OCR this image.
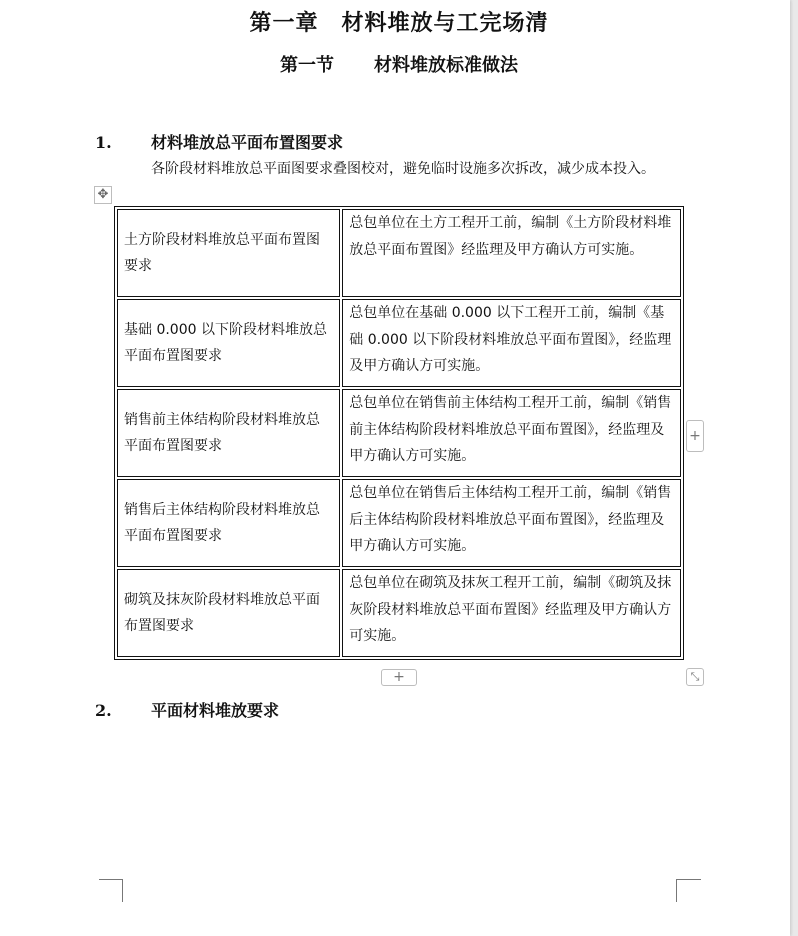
第一章　材料堆放与工完场清
第一节 材料堆放标准做法
1. 材料堆放总平面布置图要求
各阶段材料堆放总平面图要求叠图校对，避免临时设施多次拆改，减少成本投入。
✥
土方阶段材料堆放总平面布置图要求	总包单位在土方工程开工前，编制《土方阶段材料堆放总平面布置图》经监理及甲方确认方可实施。
基础 0.000 以下阶段材料堆放总平面布置图要求	总包单位在基础 0.000 以下工程开工前，编制《基础 0.000 以下阶段材料堆放总平面布置图》，经监理及甲方确认方可实施。
销售前主体结构阶段材料堆放总平面布置图要求	总包单位在销售前主体结构工程开工前，编制《销售前主体结构阶段材料堆放总平面布置图》，经监理及甲方确认方可实施。
销售后主体结构阶段材料堆放总平面布置图要求	总包单位在销售后主体结构工程开工前，编制《销售后主体结构阶段材料堆放总平面布置图》，经监理及甲方确认方可实施。
砌筑及抹灰阶段材料堆放总平面布置图要求	总包单位在砌筑及抹灰工程开工前，编制《砌筑及抹灰阶段材料堆放总平面布置图》经监理及甲方确认方可实施。
+
+	⤡
2. 平面材料堆放要求
